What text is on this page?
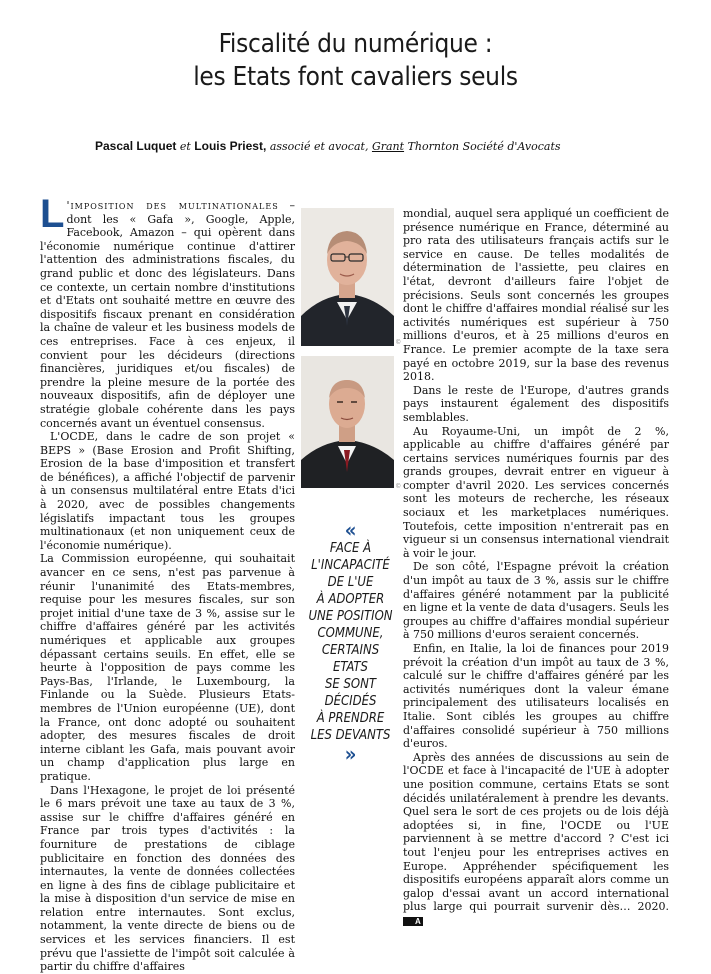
Fiscalité du numérique :
les Etats font cavaliers seuls
Pascal Luquet et Louis Priest, associé et avocat, Grant Thornton Société d'Avocats

L 'imposition des multinationales – dont les « Gafa », Google, Apple, Facebook, Amazon – qui opèrent dans l'économie numérique continue d'attirer l'attention des administrations fiscales, du grand public et donc des législateurs. Dans ce contexte, un certain nombre d'institutions et d'Etats ont souhaité mettre en œuvre des dispositifs fiscaux prenant en considération la chaîne de valeur et les business models de ces entreprises. Face à ces enjeux, il convient pour les décideurs (directions financières, juridiques et/ou fiscales) de prendre la pleine mesure de la portée des nouveaux dispositifs, afin de déployer une stratégie globale cohérente dans les pays concernés avant un éventuel consensus.

L'OCDE, dans le cadre de son projet « BEPS » (Base Erosion and Profit Shifting, Erosion de la base d'imposition et transfert de bénéfices), a affiché l'objectif de parvenir à un consensus multilatéral entre Etats d'ici à 2020, avec de possibles changements législatifs impactant tous les groupes multinationaux (et non uniquement ceux de l'économie numérique).

La Commission européenne, qui souhaitait avancer en ce sens, n'est pas parvenue à réunir l'unanimité des Etats-membres, requise pour les mesures fiscales, sur son projet initial d'une taxe de 3 %, assise sur le chiffre d'affaires généré par les activités numériques et applicable aux groupes dépassant certains seuils. En effet, elle se heurte à l'opposition de pays comme les Pays-Bas, l'Irlande, le Luxembourg, la Finlande ou la Suède. Plusieurs Etats-membres de l'Union européenne (UE), dont la France, ont donc adopté ou souhaitent adopter, des mesures fiscales de droit interne ciblant les Gafa, mais pouvant avoir un champ d'application plus large en pratique.

Dans l'Hexagone, le projet de loi présenté le 6 mars prévoit une taxe au taux de 3 %, assise sur le chiffre d'affaires généré en France par trois types d'activités : la fourniture de prestations de ciblage publicitaire en fonction des données des internautes, la vente de données collectées en ligne à des fins de ciblage publicitaire et la mise à disposition d'un service de mise en relation entre internautes. Sont exclus, notamment, la vente directe de biens ou de services et les services financiers. Il est prévu que l'assiette de l'impôt soit calculée à partir du chiffre d'affaires

©
©
«
FACE À
L'INCAPACITÉ
DE L'UE
À ADOPTER
UNE POSITION
COMMUNE,
CERTAINS ETATS
SE SONT DÉCIDÉS
À PRENDRE
LES DEVANTS
»

mondial, auquel sera appliqué un coefficient de présence numérique en France, déterminé au pro rata des utilisateurs français actifs sur le service en cause. De telles modalités de détermination de l'assiette, peu claires en l'état, devront d'ailleurs faire l'objet de précisions. Seuls sont concernés les groupes dont le chiffre d'affaires mondial réalisé sur les activités numériques est supérieur à 750 millions d'euros, et à 25 millions d'euros en France. Le premier acompte de la taxe sera payé en octobre 2019, sur la base des revenus 2018.

Dans le reste de l'Europe, d'autres grands pays instaurent également des dispositifs semblables.

Au Royaume-Uni, un impôt de 2 %, applicable au chiffre d'affaires généré par certains services numériques fournis par des grands groupes, devrait entrer en vigueur à compter d'avril 2020. Les services concernés sont les moteurs de recherche, les réseaux sociaux et les marketplaces numériques. Toutefois, cette imposition n'entrerait pas en vigueur si un consensus international viendrait à voir le jour.

De son côté, l'Espagne prévoit la création d'un impôt au taux de 3 %, assis sur le chiffre d'affaires généré notamment par la publicité en ligne et la vente de data d'usagers. Seuls les groupes au chiffre d'affaires mondial supérieur à 750 millions d'euros seraient concernés.

Enfin, en Italie, la loi de finances pour 2019 prévoit la création d'un impôt au taux de 3 %, calculé sur le chiffre d'affaires généré par les activités numériques dont la valeur émane principalement des utilisateurs localisés en Italie. Sont ciblés les groupes au chiffre d'affaires consolidé supérieur à 750 millions d'euros.

Après des années de discussions au sein de l'OCDE et face à l'incapacité de l'UE à adopter une position commune, certains Etats se sont décidés unilatéralement à prendre les devants. Quel sera le sort de ces projets ou de lois déjà adoptées si, in fine, l'OCDE ou l'UE parviennent à se mettre d'accord ? C'est ici tout l'enjeu pour les entreprises actives en Europe. Appréhender spécifiquement les dispositifs européens apparaît alors comme un galop d'essai avant un accord international plus large qui pourrait survenir dès… 2020. A
